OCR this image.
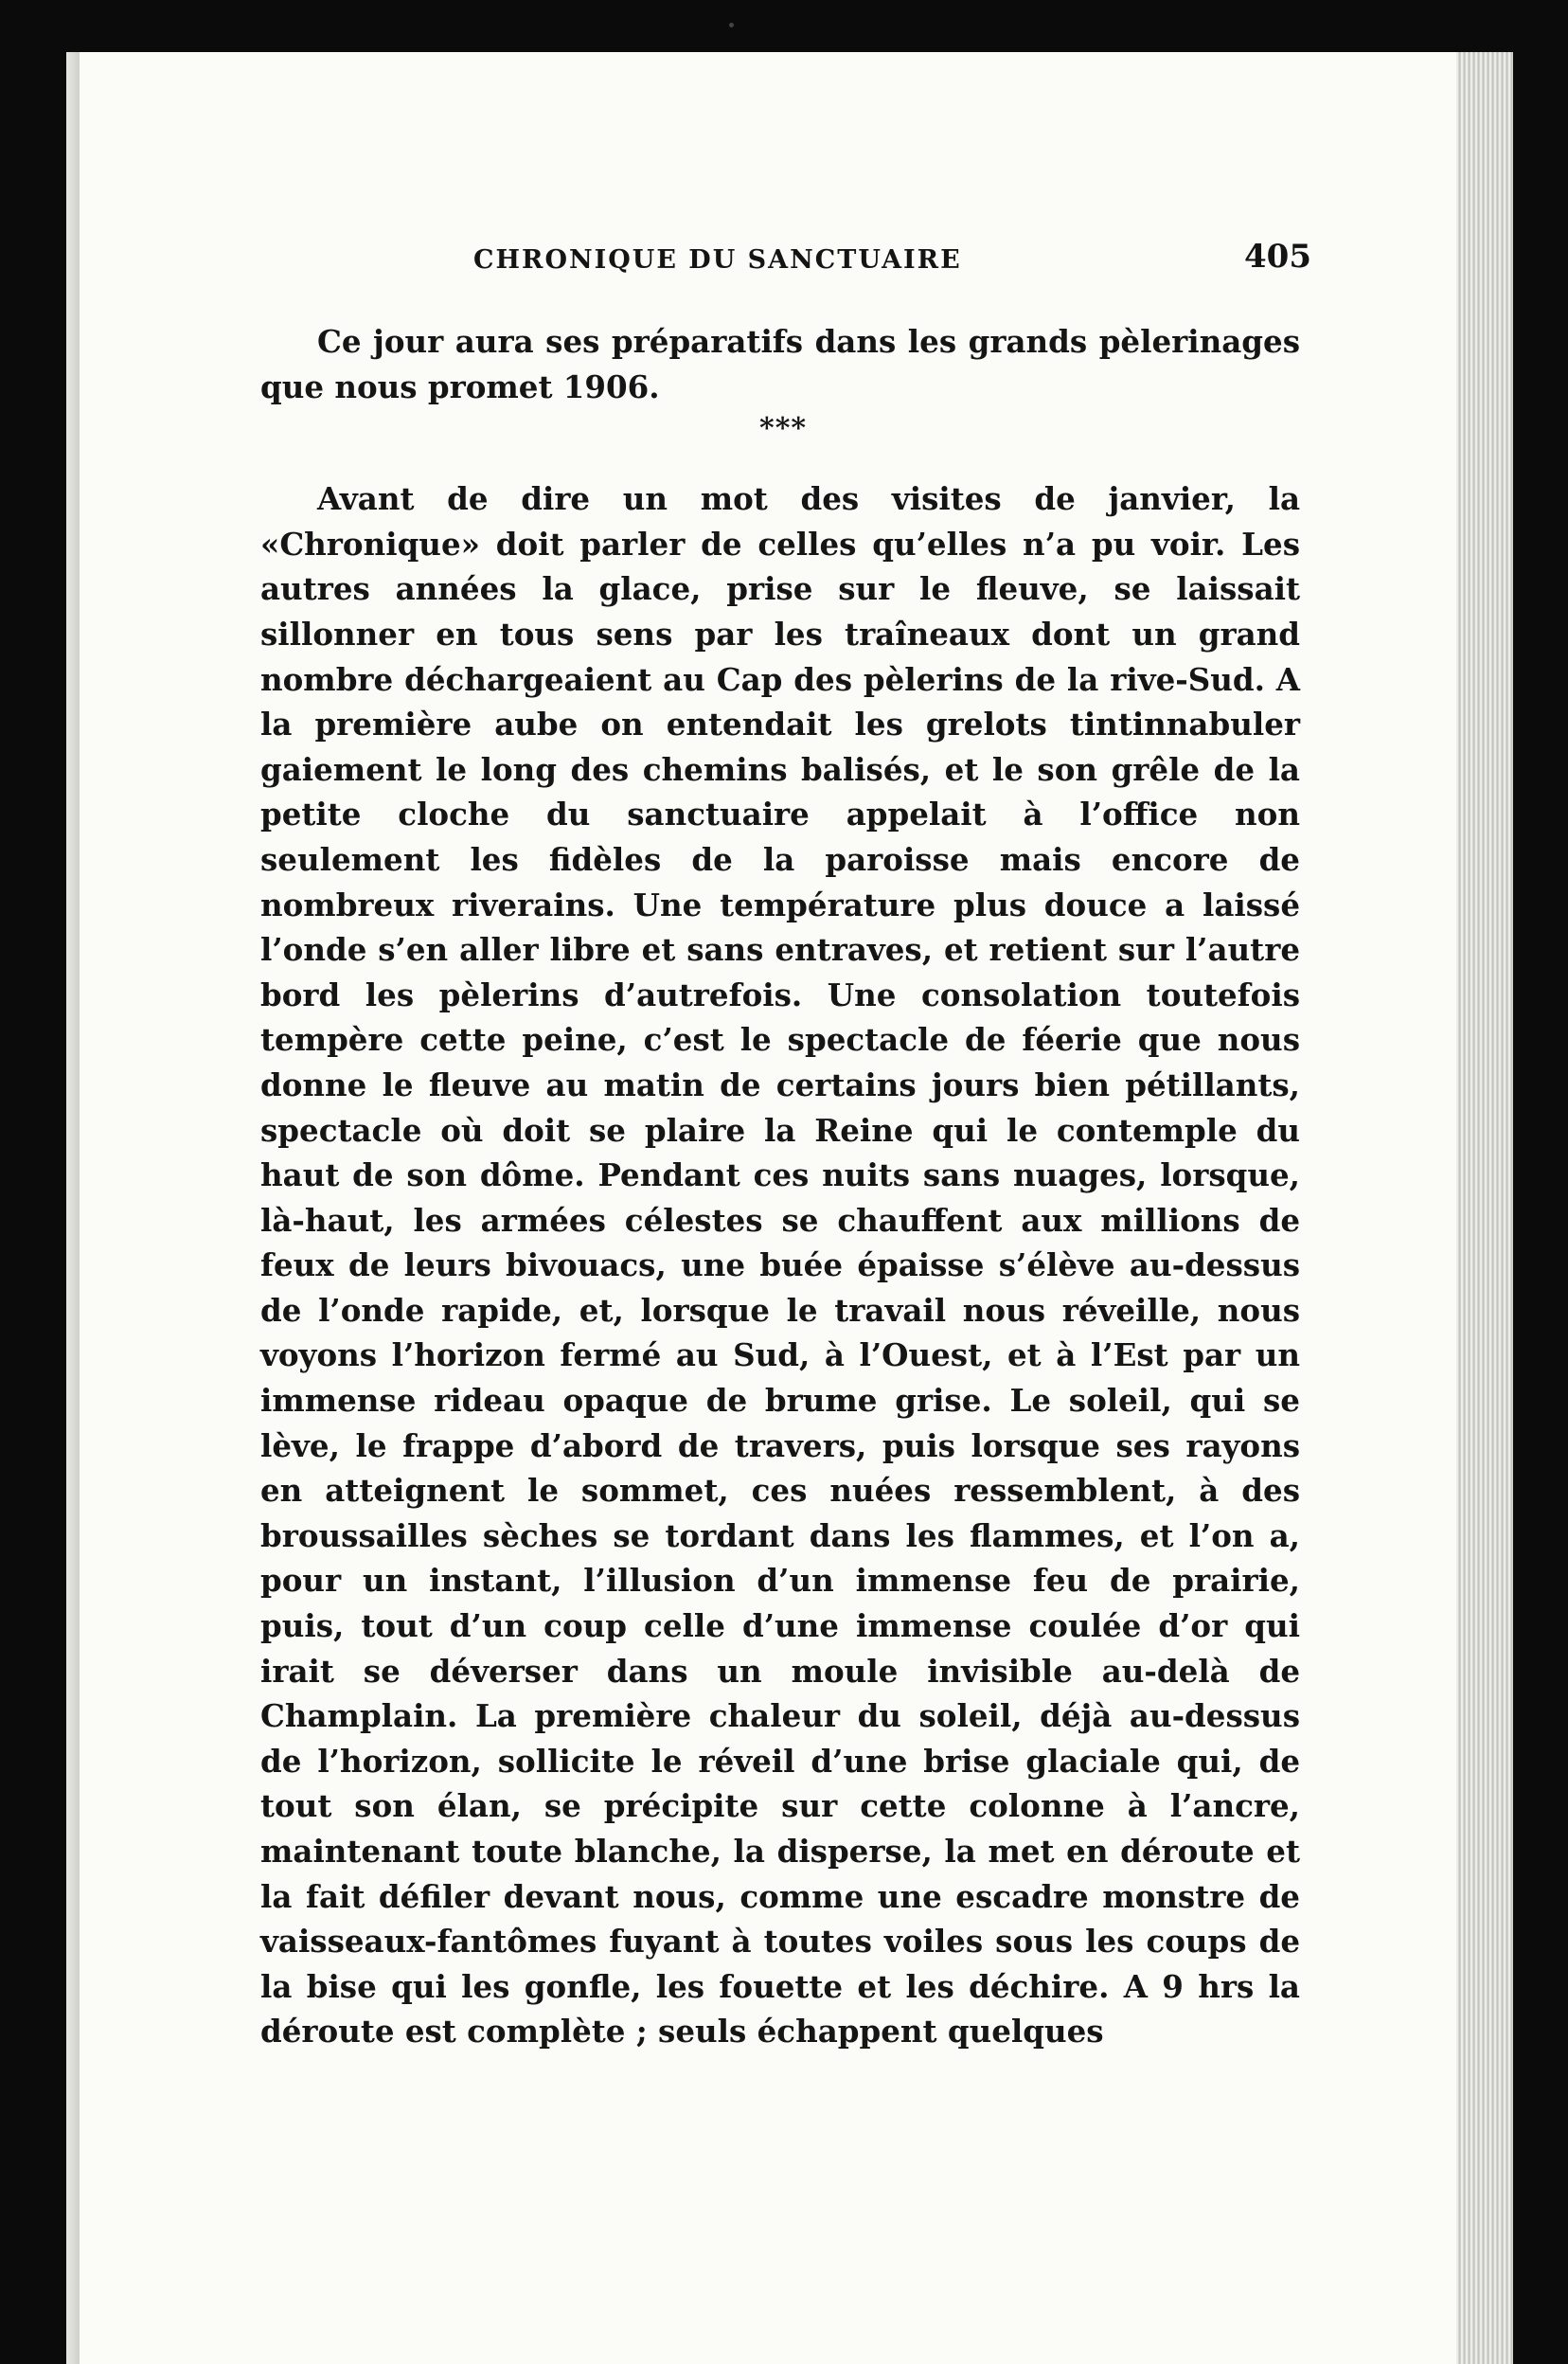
CHRONIQUE DU SANCTUAIRE	405

Ce jour aura ses préparatifs dans les grands pèlerinages que nous promet 1906.

***

Avant de dire un mot des visites de janvier, la «Chronique» doit parler de celles qu’elles n’a pu voir. Les autres années la glace, prise sur le fleuve, se laissait sillonner en tous sens par les traîneaux dont un grand nombre déchargeaient au Cap des pèlerins de la rive-Sud. A la première aube on entendait les grelots tintinnabuler gaiement le long des chemins balisés, et le son grêle de la petite cloche du sanctuaire appelait à l’office non seulement les fidèles de la paroisse mais encore de nombreux riverains. Une température plus douce a laissé l’onde s’en aller libre et sans entraves, et retient sur l’autre bord les pèlerins d’autrefois. Une consolation toutefois tempère cette peine, c’est le spectacle de féerie que nous donne le fleuve au matin de certains jours bien pétillants, spectacle où doit se plaire la Reine qui le contemple du haut de son dôme. Pendant ces nuits sans nuages, lorsque, là-haut, les armées célestes se chauffent aux millions de feux de leurs bivouacs, une buée épaisse s’élève au-dessus de l’onde rapide, et, lorsque le travail nous réveille, nous voyons l’horizon fermé au Sud, à l’Ouest, et à l’Est par un immense rideau opaque de brume grise. Le soleil, qui se lève, le frappe d’abord de travers, puis lorsque ses rayons en atteignent le sommet, ces nuées ressemblent, à des broussailles sèches se tordant dans les flammes, et l’on a, pour un instant, l’illusion d’un immense feu de prairie, puis, tout d’un coup celle d’une immense coulée d’or qui irait se déverser dans un moule invisible au-delà de Champlain. La première chaleur du soleil, déjà au-dessus de l’horizon, sollicite le réveil d’une brise glaciale qui, de tout son élan, se précipite sur cette colonne à l’ancre, maintenant toute blanche, la disperse, la met en déroute et la fait défiler devant nous, comme une escadre monstre de vaisseaux-fantômes fuyant à toutes voiles sous les coups de la bise qui les gonfle, les fouette et les déchire. A 9 hrs la déroute est complète ; seuls échappent quelques
